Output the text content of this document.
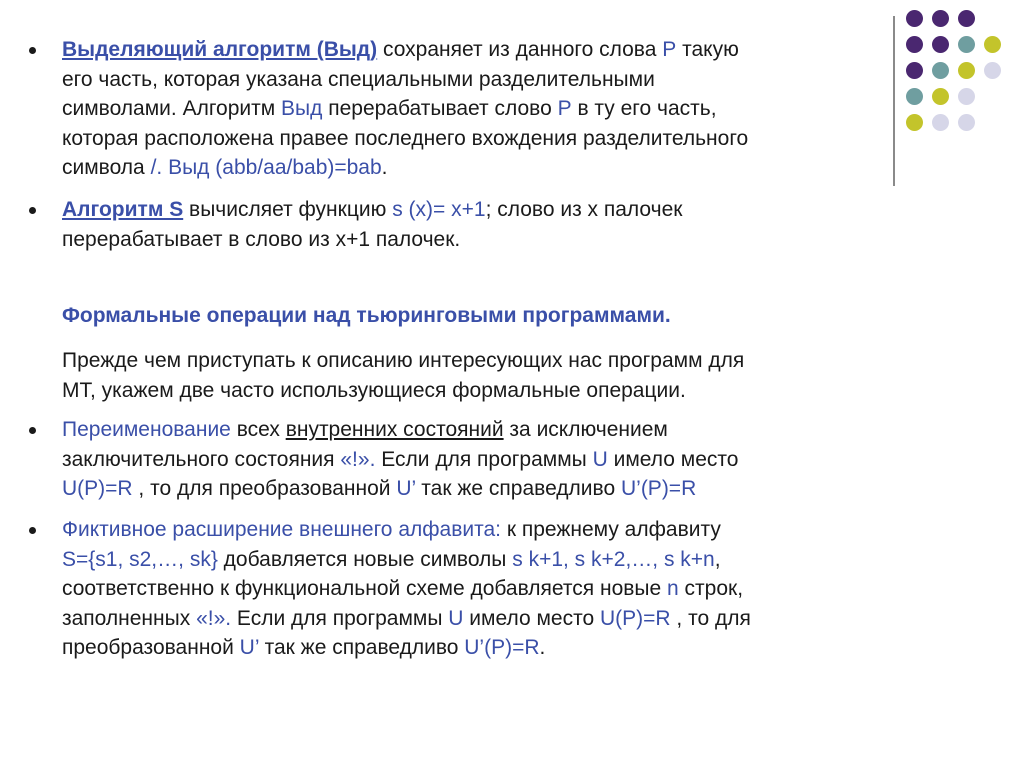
Выделяющий алгоритм (Выд) сохраняет из данного слова Р такую
его часть, которая указана специальными разделительными
символами. Алгоритм Выд перерабатывает слово Р в ту его часть,
которая расположена правее последнего вхождения разделительного
символа /. Выд (abb/aa/bab)=bab.
Алгоритм S вычисляет функцию s (x)= x+1; слово из x палочек
перерабатывает в слово из x+1 палочек.
Формальные операции над тьюринговыми программами.
Прежде чем приступать к описанию интересующих нас программ для
МТ, укажем две часто использующиеся формальные операции.
Переименование всех внутренних состояний за исключением
заключительного состояния «!». Если для программы U имело место
U(P)=R , то для преобразованной U’ так же справедливо U’(P)=R
Фиктивное расширение внешнего алфавита: к прежнему алфавиту
S={s1, s2,…, sk} добавляется новые символы s k+1, s k+2,…, s k+n,
соответственно к функциональной схеме добавляется новые n строк,
заполненных «!». Если для программы U имело место U(P)=R , то для
преобразованной U’ так же справедливо U’(P)=R.
